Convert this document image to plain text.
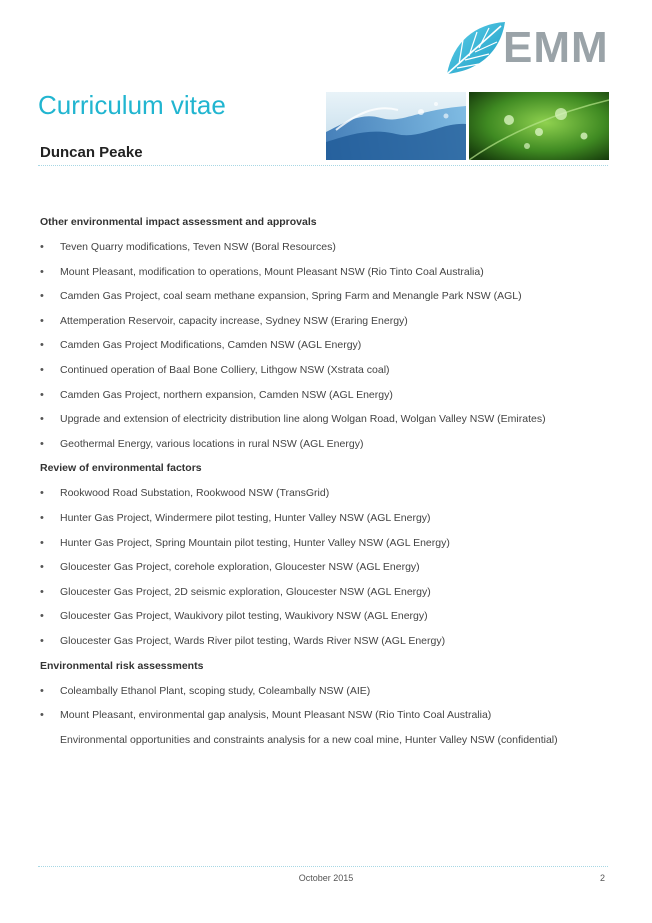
EMM
Curriculum vitae
Duncan Peake
Other environmental impact assessment and approvals
• Teven Quarry modifications, Teven NSW (Boral Resources)
• Mount Pleasant, modification to operations, Mount Pleasant NSW (Rio Tinto Coal Australia)
• Camden Gas Project, coal seam methane expansion, Spring Farm and Menangle Park NSW (AGL)
• Attemperation Reservoir, capacity increase, Sydney NSW (Eraring Energy)
• Camden Gas Project Modifications, Camden NSW (AGL Energy)
• Continued operation of Baal Bone Colliery, Lithgow NSW (Xstrata coal)
• Camden Gas Project, northern expansion, Camden NSW (AGL Energy)
• Upgrade and extension of electricity distribution line along Wolgan Road, Wolgan Valley NSW (Emirates)
• Geothermal Energy, various locations in rural NSW (AGL Energy)
Review of environmental factors
• Rookwood Road Substation, Rookwood NSW (TransGrid)
• Hunter Gas Project, Windermere pilot testing, Hunter Valley NSW (AGL Energy)
• Hunter Gas Project, Spring Mountain pilot testing, Hunter Valley NSW (AGL Energy)
• Gloucester Gas Project, corehole exploration, Gloucester NSW (AGL Energy)
• Gloucester Gas Project, 2D seismic exploration, Gloucester NSW (AGL Energy)
• Gloucester Gas Project, Waukivory pilot testing, Waukivory NSW (AGL Energy)
• Gloucester Gas Project, Wards River pilot testing, Wards River NSW (AGL Energy)
Environmental risk assessments
• Coleambally Ethanol Plant, scoping study, Coleambally NSW (AIE)
• Mount Pleasant, environmental gap analysis, Mount Pleasant NSW (Rio Tinto Coal Australia)
Environmental opportunities and constraints analysis for a new coal mine, Hunter Valley NSW (confidential)
October 2015	2
